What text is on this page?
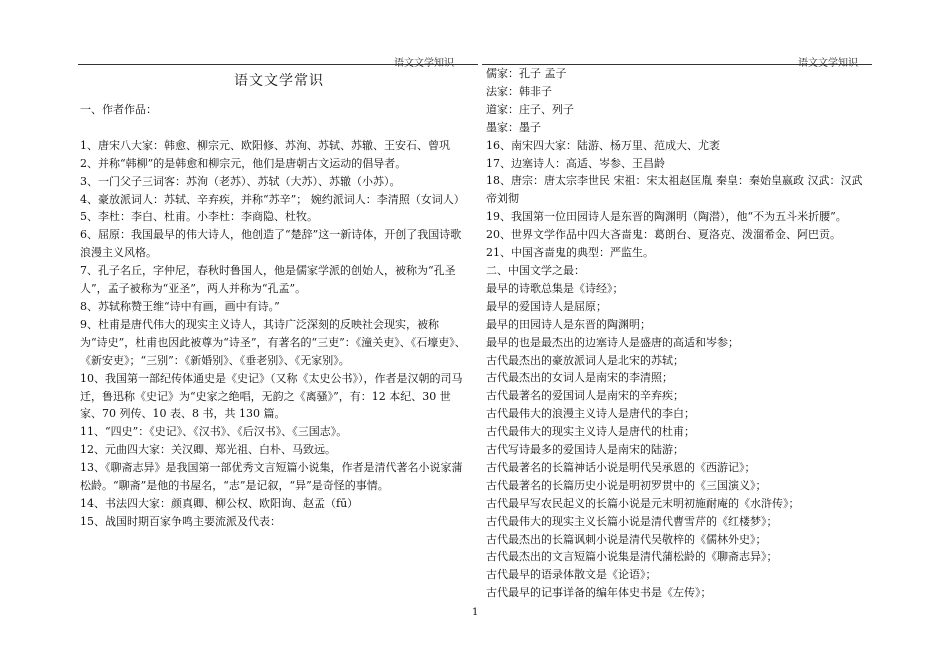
语文文学知识	语文文学知识
语文文学常识

一、作者作品：

1、唐宋八大家：韩愈、柳宗元、欧阳修、苏洵、苏轼、苏辙、王安石、曾巩

2、并称“韩柳”的是韩愈和柳宗元，他们是唐朝古文运动的倡导者。

3、一门父子三词客：苏洵（老苏）、苏轼（大苏）、苏辙（小苏）。

4、豪放派词人：苏轼、辛弃疾，并称“苏辛”； 婉约派词人：李清照（女词人）

5、李杜：李白、杜甫。小李杜：李商隐、杜牧。

6、屈原：我国最早的伟大诗人，他创造了“楚辞”这一新诗体，开创了我国诗歌浪漫主义风格。

7、孔子名丘，字仲尼，春秋时鲁国人，他是儒家学派的创始人，被称为“孔圣人”，孟子被称为“亚圣”，两人并称为“孔孟”。

8、苏轼称赞王维“诗中有画，画中有诗。”

9、杜甫是唐代伟大的现实主义诗人，其诗广泛深刻的反映社会现实，被称为“诗史”，杜甫也因此被尊为“诗圣”，有著名的“三吏”：《潼关吏》、《石壕吏》、《新安吏》；“三别”：《新婚别》、《垂老别》、《无家别》。

10、我国第一部纪传体通史是《史记》（又称《太史公书》），作者是汉朝的司马迁，鲁迅称《史记》为“史家之绝唱，无韵之《离骚》”，有：12 本纪、30 世家、70 列传、10 表、8 书，共 130 篇。

11、“四史”：《史记》、《汉书》、《后汉书》、《三国志》。

12、元曲四大家：关汉卿、郑光祖、白朴、马致远。

13、《聊斋志异》是我国第一部优秀文言短篇小说集，作者是清代著名小说家蒲松龄。“聊斋”是他的书屋名，“志”是记叙，“异”是奇怪的事情。

14、书法四大家：颜真卿、柳公权、欧阳询、赵孟（fū）

15、战国时期百家争鸣主要流派及代表：

儒家：孔子 孟子

法家：韩非子

道家：庄子、列子

墨家：墨子

16、南宋四大家：陆游、杨万里、范成大、尤袤

17、边塞诗人：高适、岑参、王昌龄

18、唐宗：唐太宗李世民 宋祖：宋太祖赵匡胤 秦皇：秦始皇嬴政 汉武：汉武帝刘彻

19、我国第一位田园诗人是东晋的陶渊明（陶潜），他“不为五斗米折腰”。

20、世界文学作品中四大吝啬鬼：葛朗台、夏洛克、泼溜希金、阿巴贡。

21、中国吝啬鬼的典型：严监生。

二、中国文学之最：

最早的诗歌总集是《诗经》；

最早的爱国诗人是屈原；

最早的田园诗人是东晋的陶渊明；

最早的也是最杰出的边塞诗人是盛唐的高适和岑参；

古代最杰出的豪放派词人是北宋的苏轼；

古代最杰出的女词人是南宋的李清照；

古代最著名的爱国词人是南宋的辛弃疾；

古代最伟大的浪漫主义诗人是唐代的李白；

古代最伟大的现实主义诗人是唐代的杜甫；

古代写诗最多的爱国诗人是南宋的陆游；

古代最著名的长篇神话小说是明代吴承恩的《西游记》；

古代最著名的长篇历史小说是明初罗贯中的《三国演义》；

古代最早写农民起义的长篇小说是元末明初施耐庵的《水浒传》；

古代最伟大的现实主义长篇小说是清代曹雪芹的《红楼梦》；

古代最杰出的长篇讽刺小说是清代吴敬梓的《儒林外史》；

古代最杰出的文言短篇小说集是清代蒲松龄的《聊斋志异》；

古代最早的语录体散文是《论语》；

古代最早的记事详备的编年体史书是《左传》；

1
